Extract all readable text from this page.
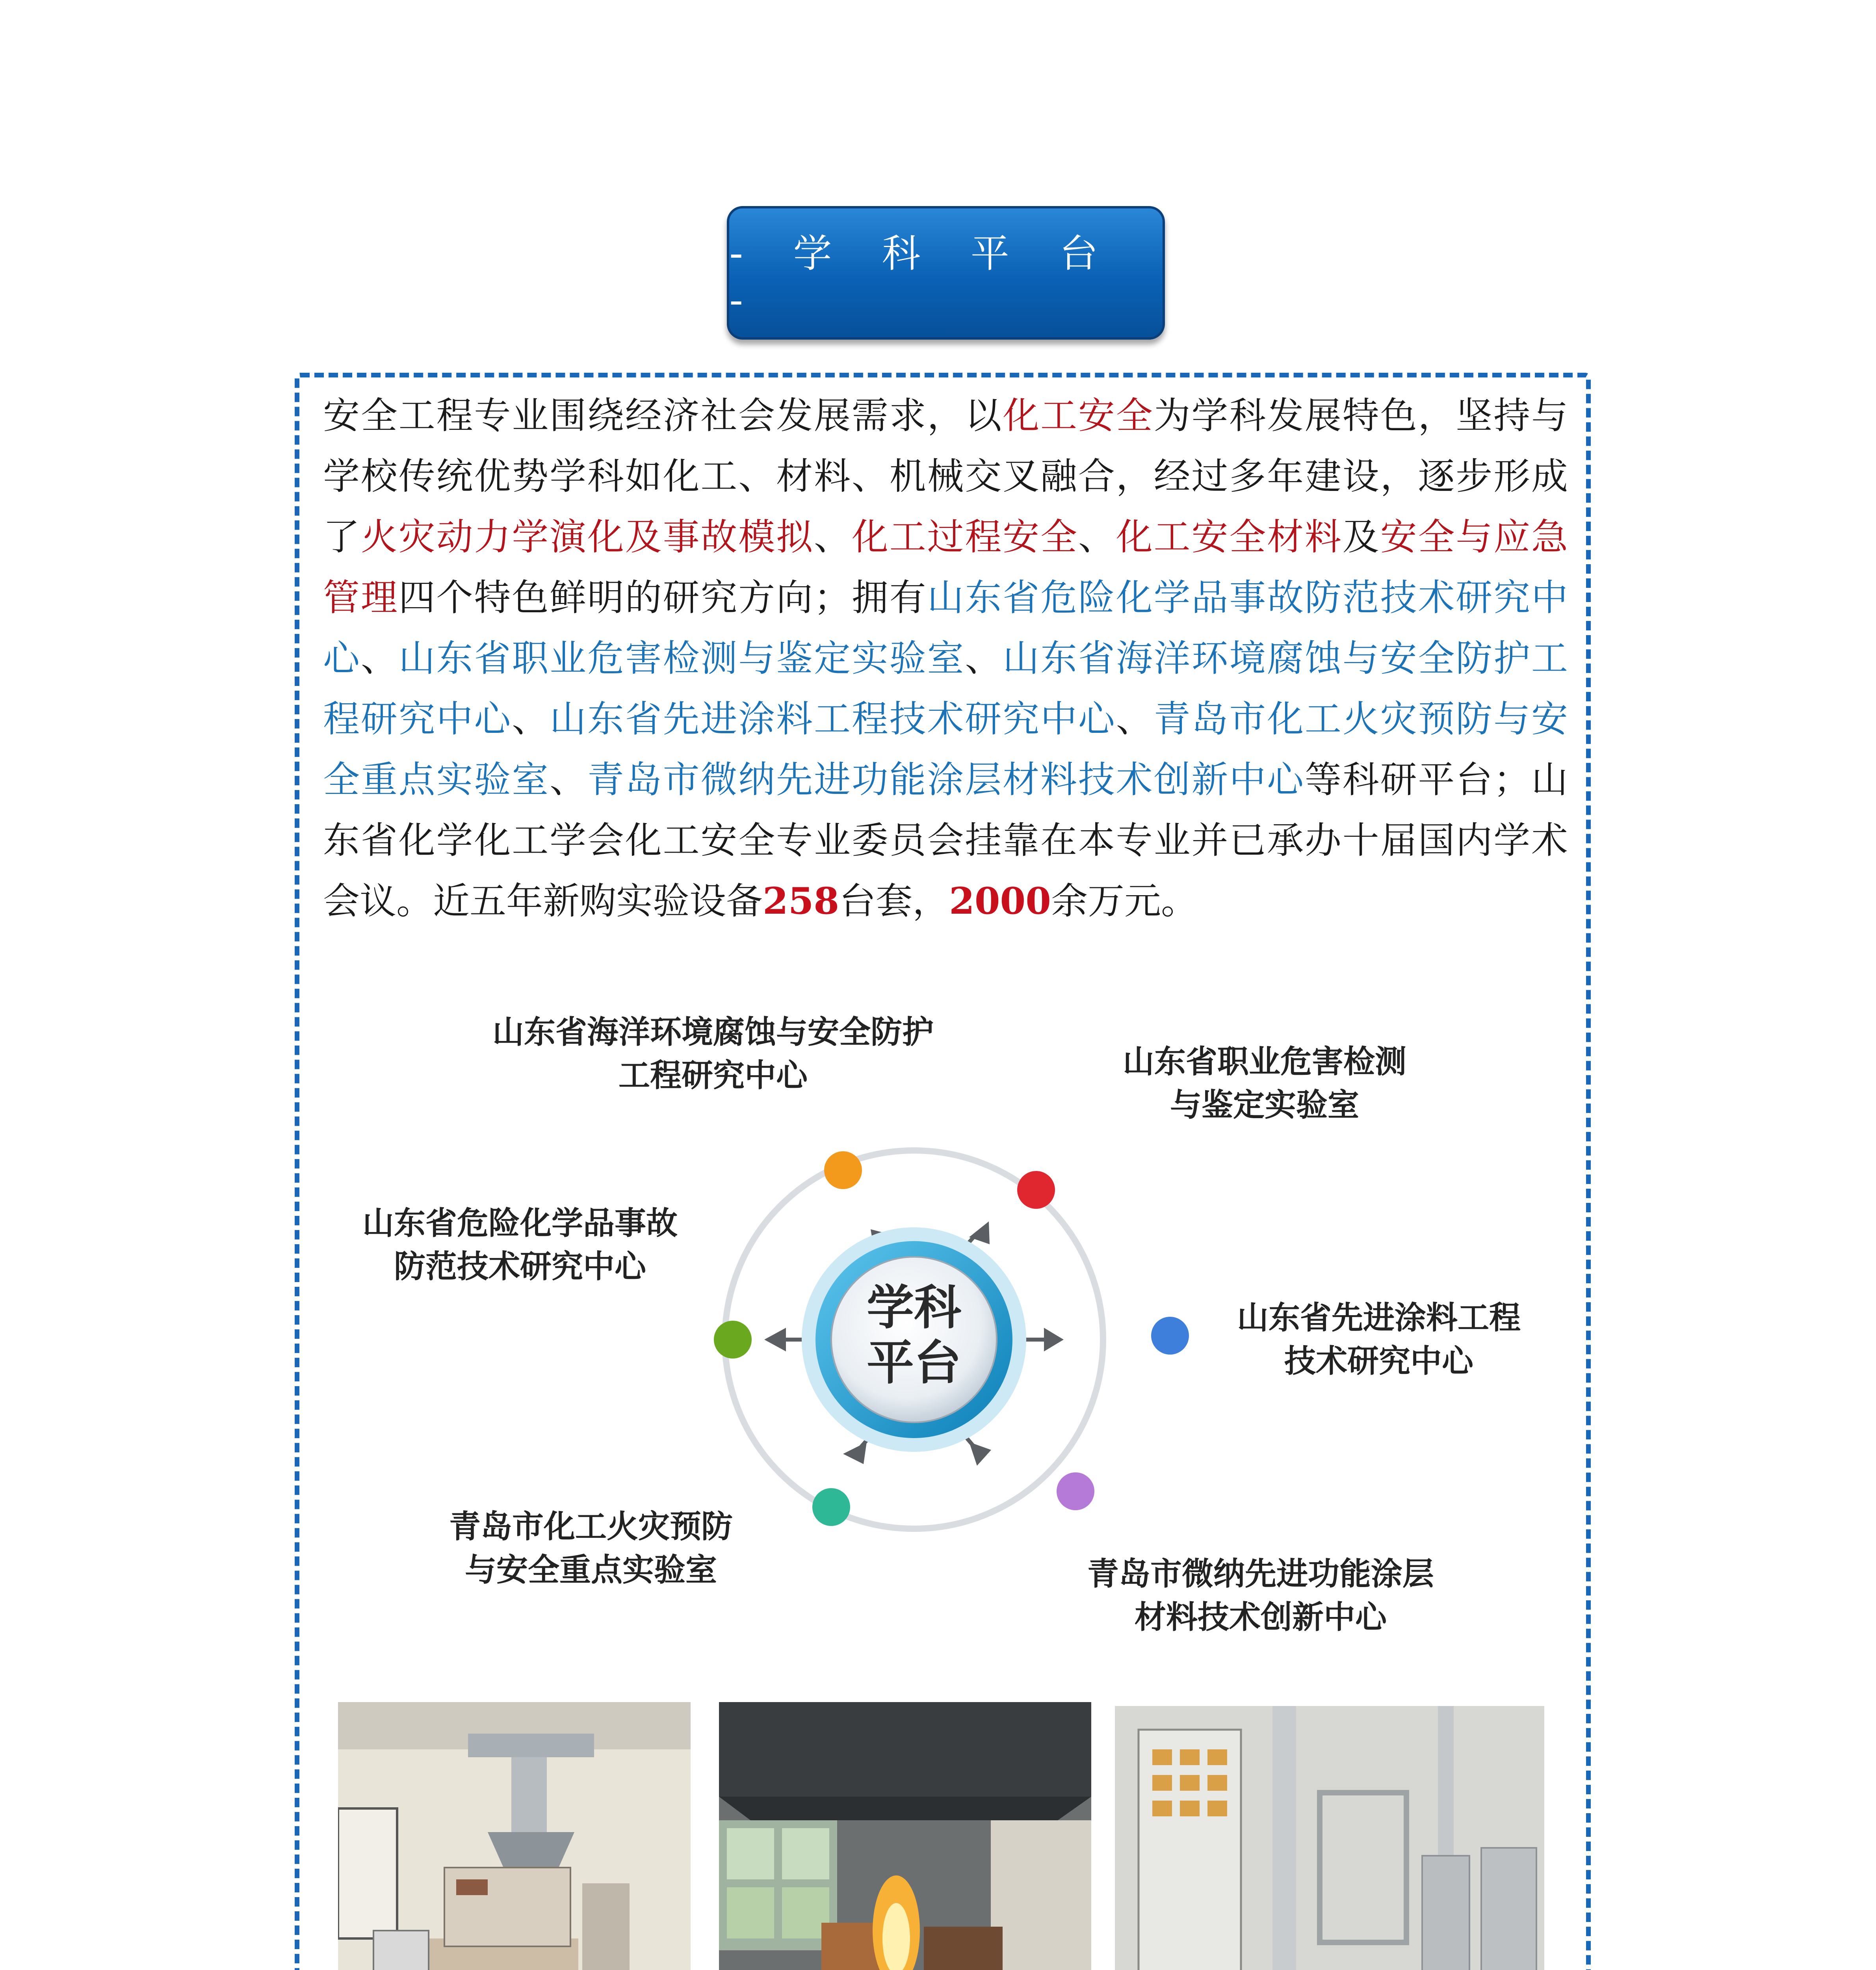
- 学 科 平 台 -
安全工程专业围绕经济社会发展需求，以化工安全为学科发展特色，坚持与学校传统优势学科如化工、材料、机械交叉融合，经过多年建设，逐步形成了火灾动力学演化及事故模拟、化工过程安全、化工安全材料及安全与应急管理四个特色鲜明的研究方向；拥有山东省危险化学品事故防范技术研究中心、山东省职业危害检测与鉴定实验室、山东省海洋环境腐蚀与安全防护工程研究中心、山东省先进涂料工程技术研究中心、青岛市化工火灾预防与安全重点实验室、青岛市微纳先进功能涂层材料技术创新中心等科研平台；山东省化学化工学会化工安全专业委员会挂靠在本专业并已承办十届国内学术会议。近五年新购实验设备258台套，2000余万元。
学科
平台
山东省海洋环境腐蚀与安全防护
工程研究中心	山东省职业危害检测
与鉴定实验室
山东省先进涂料工程
技术研究中心
青岛市微纳先进功能涂层
材料技术创新中心
青岛市化工火灾预防
与安全重点实验室
山东省危险化学品事故
防范技术研究中心
